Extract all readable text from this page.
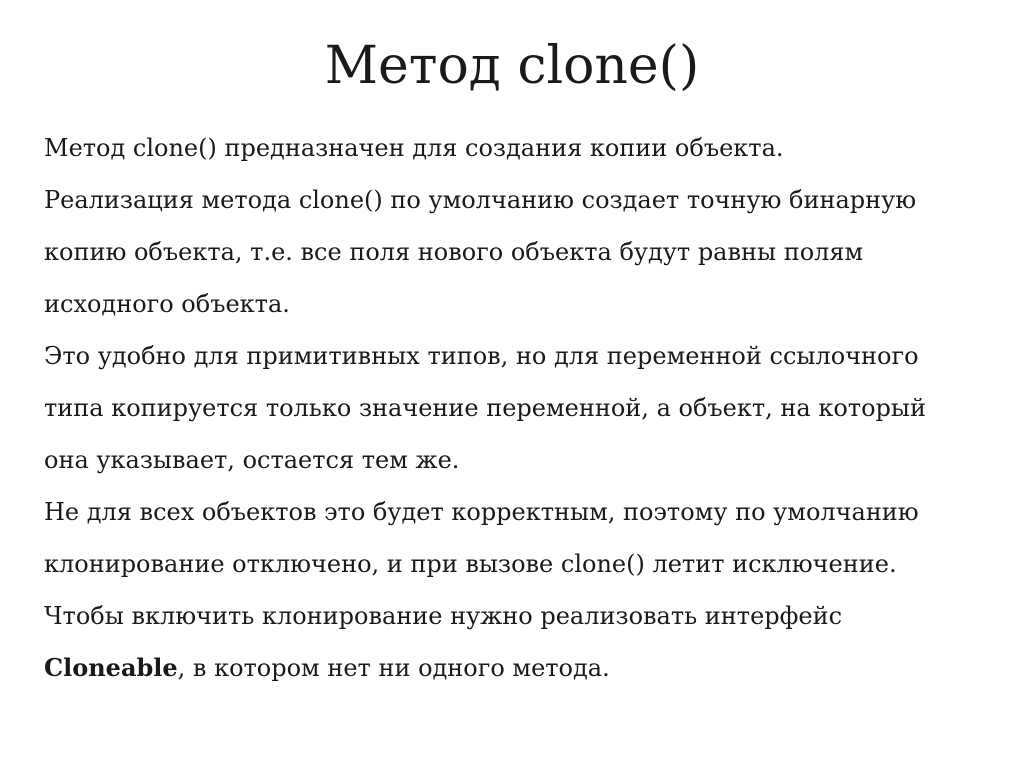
Метод clone()
Метод clone() предназначен для создания копии объекта.
Реализация метода clone() по умолчанию создает точную бинарную
копию объекта, т.е. все поля нового объекта будут равны полям
исходного объекта.
Это удобно для примитивных типов, но для переменной ссылочного
типа копируется только значение переменной, а объект, на который
она указывает, остается тем же.
Не для всех объектов это будет корректным, поэтому по умолчанию
клонирование отключено, и при вызове clone() летит исключение.
Чтобы включить клонирование нужно реализовать интерфейс
Cloneable, в котором нет ни одного метода.
